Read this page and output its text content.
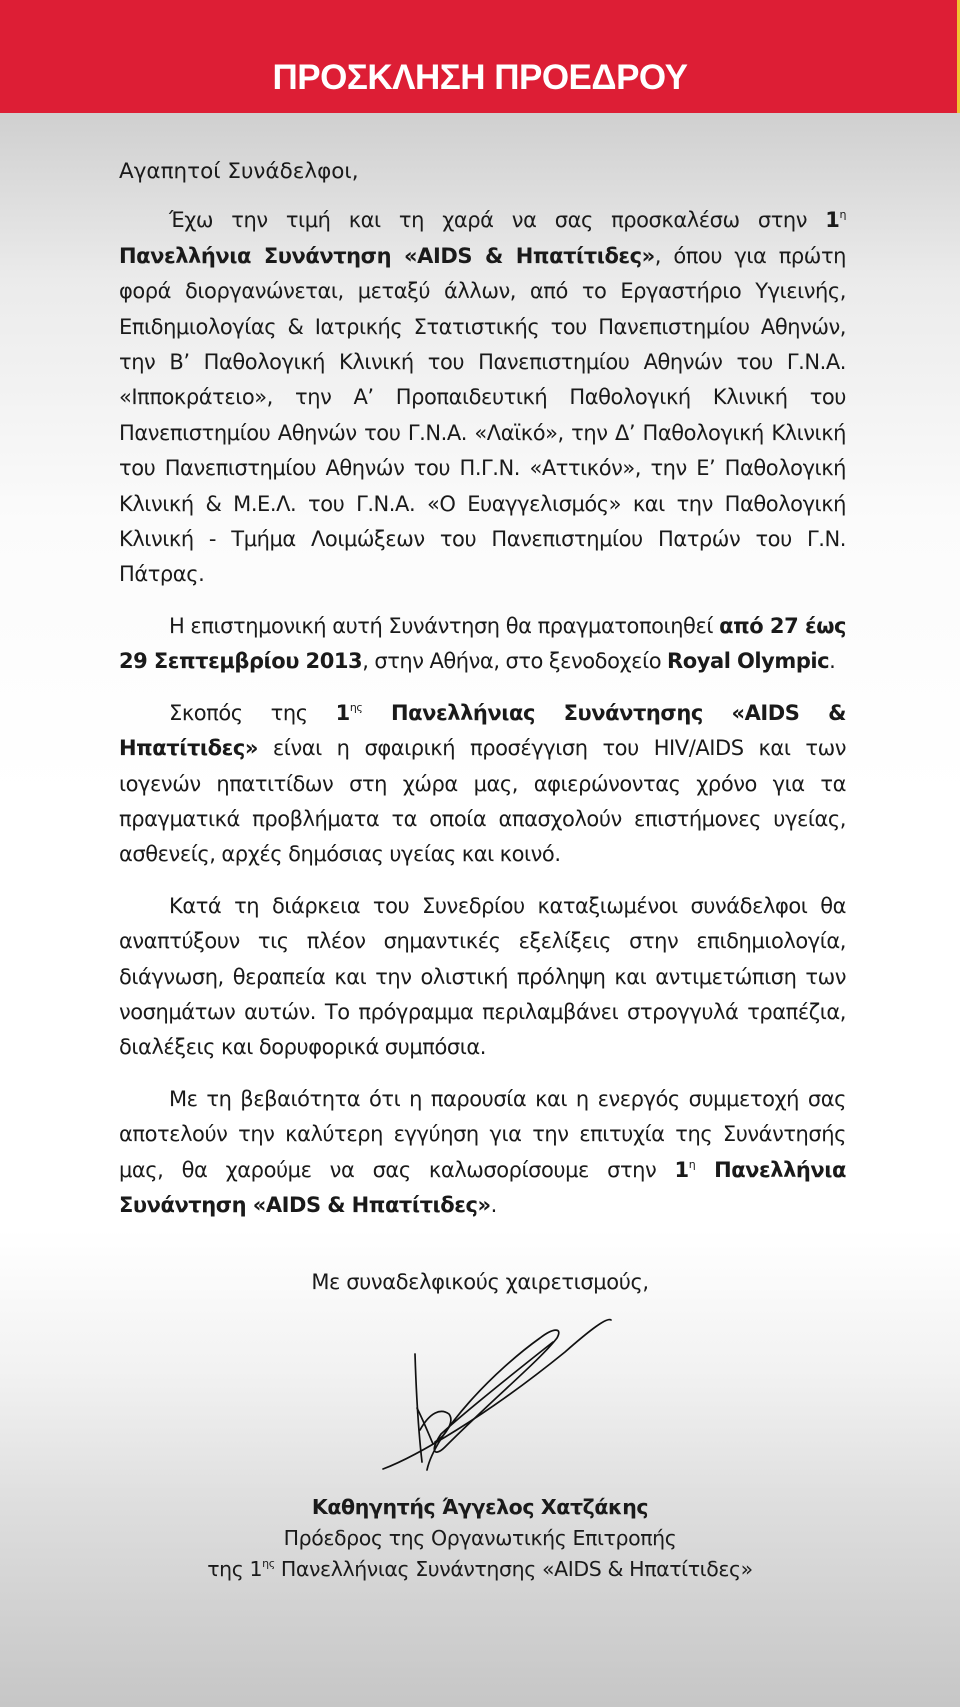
ΠΡΟΣΚΛΗΣΗ ΠΡΟΕΔΡΟΥ

Αγαπητοί Συνάδελφοι,

Έχω την τιμή και τη χαρά να σας προσκαλέσω στην $1^\eta$ Πανελλήνια Συνάντηση «AIDS & Ηπατίτιδες», όπου για πρώτη φορά διοργανώνεται, μεταξύ άλλων, από το Εργαστήριο Υγιεινής, Επιδημιολογίας & Ιατρικής Στατιστικής του Πανεπιστημίου Αθηνών, την Β’ Παθολογική Κλινική του Πανεπιστημίου Αθηνών του Γ.Ν.Α. «Ιπποκράτειο», την Α’ Προπαιδευτική Παθολογική Κλινική του Πανεπιστημίου Αθηνών του Γ.Ν.Α. «Λαϊκό», την Δ’ Παθολογική Κλινική του Πανεπιστημίου Αθηνών του Π.Γ.Ν. «Αττικόν», την Ε’ Παθολογική Κλινική & Μ.Ε.Λ. του Γ.Ν.Α. «Ο Ευαγγελισμός» και την Παθολογική Κλινική - Τμήμα Λοιμώξεων του Πανεπιστημίου Πατρών του Γ.Ν. Πάτρας.

Η επιστημονική αυτή Συνάντηση θα πραγματοποιηθεί από 27 έως 29 Σεπτεμβρίου 2013, στην Αθήνα, στο ξενοδοχείο Royal Olympic.

Σκοπός της $1^{\eta\varsigma}$ Πανελλήνιας Συνάντησης «AIDS & Ηπατίτιδες» είναι η σφαιρική προσέγγιση του HIV/AIDS και των ιογενών ηπατιτίδων στη χώρα μας, αφιερώνοντας χρόνο για τα πραγματικά προβλήματα τα οποία απασχολούν επιστήμονες υγείας, ασθενείς, αρχές δημόσιας υγείας και κοινό.

Κατά τη διάρκεια του Συνεδρίου καταξιωμένοι συνάδελφοι θα αναπτύξουν τις πλέον σημαντικές εξελίξεις στην επιδημιολογία, διάγνωση, θεραπεία και την ολιστική πρόληψη και αντιμετώπιση των νοσημάτων αυτών. Το πρόγραμμα περιλαμβάνει στρογγυλά τραπέζια, διαλέξεις και δορυφορικά συμπόσια.

Με τη βεβαιότητα ότι η παρουσία και η ενεργός συμμετοχή σας αποτελούν την καλύτερη εγγύηση για την επιτυχία της Συνάντησής μας, θα χαρούμε να σας καλωσορίσουμε στην $1^\eta$ Πανελλήνια Συνάντηση «AIDS & Ηπατίτιδες».

Με συναδελφικούς χαιρετισμούς,
Καθηγητής Άγγελος Χατζάκης
Πρόεδρος της Οργανωτικής Επιτροπής
της $1^{\eta\varsigma}$ Πανελλήνιας Συνάντησης «AIDS & Ηπατίτιδες»
